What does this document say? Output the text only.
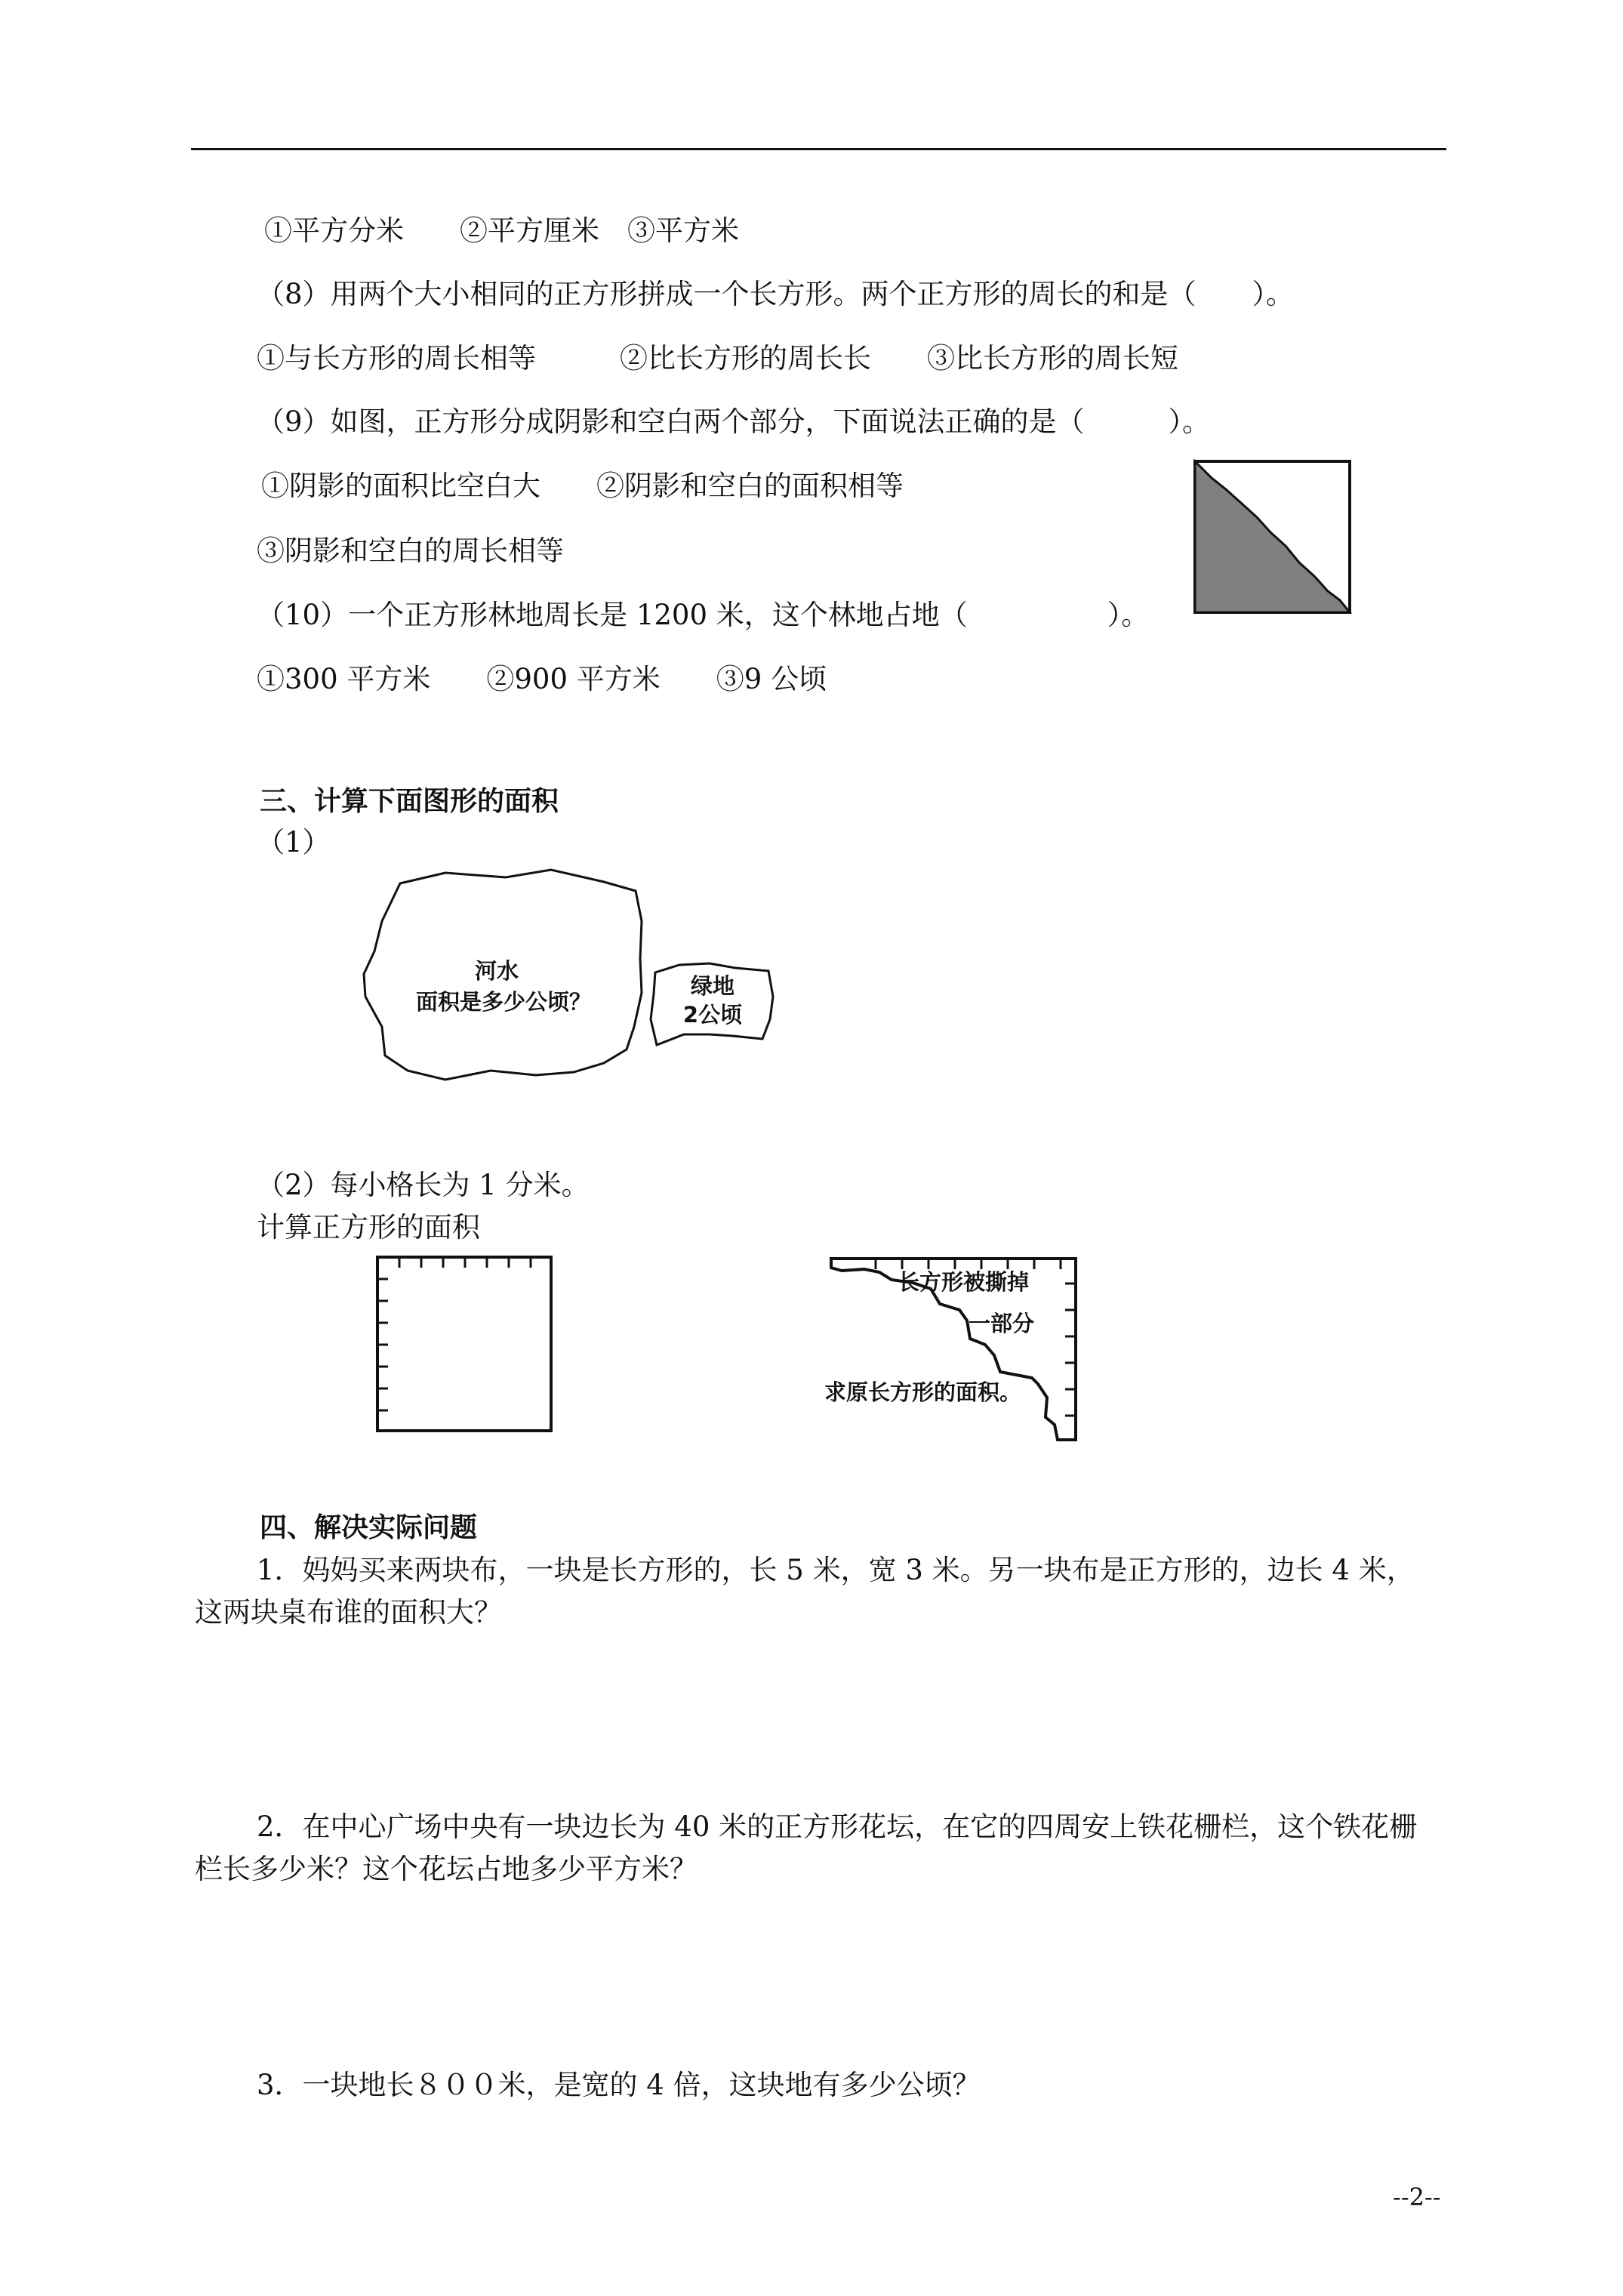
①平方分米　　②平方厘米　③平方米
（8）用两个大小相同的正方形拼成一个长方形。两个正方形的周长的和是（　　）。
①与长方形的周长相等　　　②比长方形的周长长　　③比长方形的周长短
（9）如图，正方形分成阴影和空白两个部分，下面说法正确的是（　　　）。
①阴影的面积比空白大　　②阴影和空白的面积相等
③阴影和空白的周长相等
（10）一个正方形林地周长是 1200 米，这个林地占地（　　　　　）。
①300 平方米　　②900 平方米　　③9 公顷
三、计算下面图形的面积
（1）
河水
面积是多少公顷？
绿地
2公顷
（2）每小格长为 1 分米。
计算正方形的面积
长方形被撕掉
一部分
求原长方形的面积。
四、解决实际问题
1．妈妈买来两块布，一块是长方形的，长 5 米，宽 3 米。另一块布是正方形的，边长 4 米，
这两块桌布谁的面积大？
2．在中心广场中央有一块边长为 40 米的正方形花坛，在它的四周安上铁花栅栏，这个铁花栅
栏长多少米？这个花坛占地多少平方米？
3．一块地长８００米，是宽的 4 倍，这块地有多少公顷？
--2--
